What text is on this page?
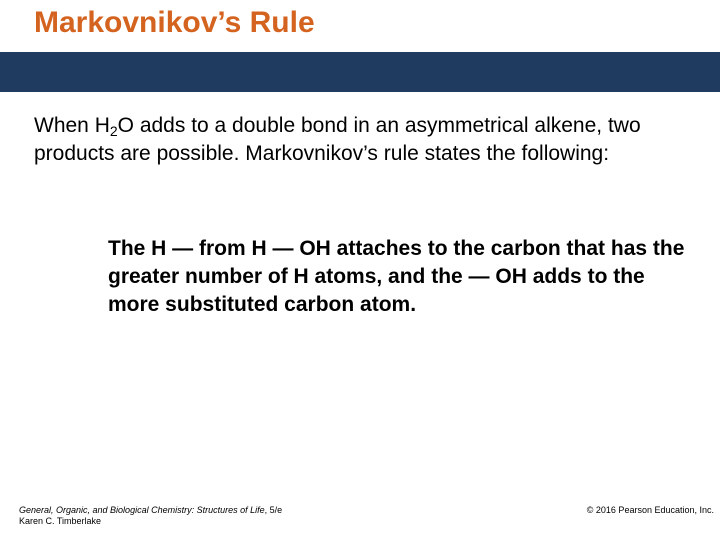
Markovnikov’s Rule
When $H_2O$ adds to a double bond in an asymmetrical alkene, two products are possible. Markovnikov’s rule states the following:
The H — from H — OH attaches to the carbon that has the greater number of H atoms, and the — OH adds to the more substituted carbon atom.
General, Organic, and Biological Chemistry: Structures of Life, 5/e
Karen C. Timberlake
© 2016 Pearson Education, Inc.
